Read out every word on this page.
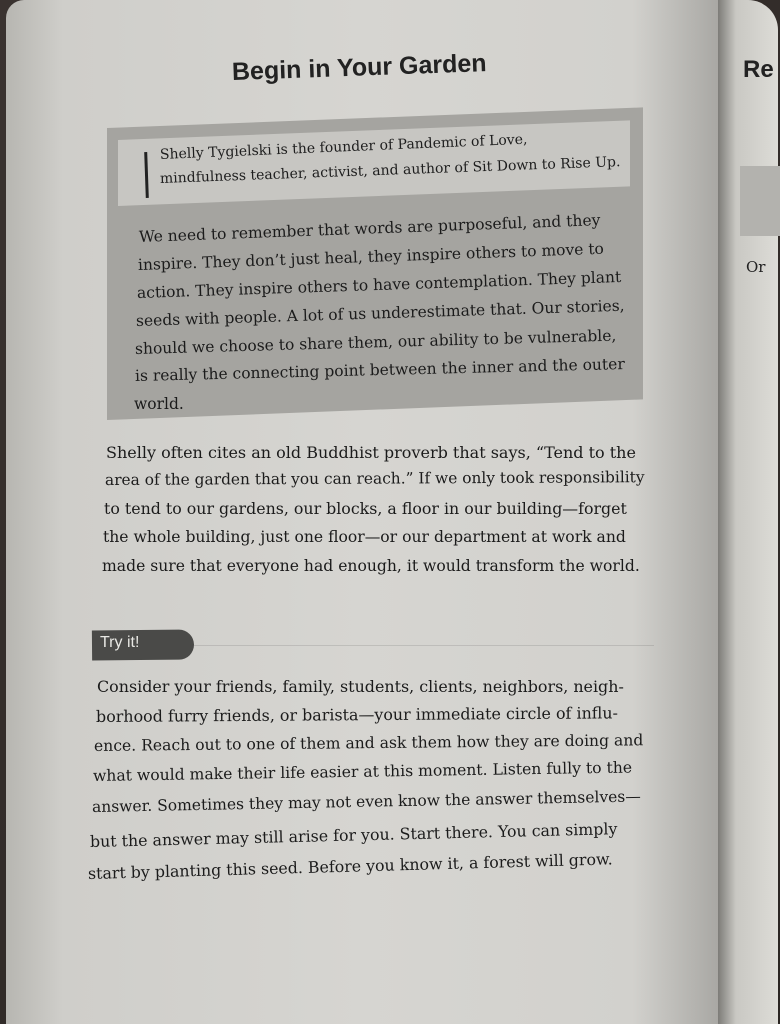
Rе
Or
Begin in Your Garden
Shelly Tygielski is the founder of Pandemic of Love,
mindfulness teacher, activist, and author of Sit Down to Rise Up.
We need to remember that words are purposeful, and they
inspire. They don’t just heal, they inspire others to move to
action. They inspire others to have contemplation. They plant
seeds with people. A lot of us underestimate that. Our stories,
should we choose to share them, our ability to be vulnerable,
is really the connecting point between the inner and the outer
world.
Shelly often cites an old Buddhist proverb that says, “Tend to the
area of the garden that you can reach.” If we only took responsibility
to tend to our gardens, our blocks, a floor in our building—forget
the whole building, just one floor—or our department at work and
made sure that everyone had enough, it would transform the world.
Try it!
Consider your friends, family, students, clients, neighbors, neigh-
borhood furry friends, or barista—your immediate circle of influ-
ence. Reach out to one of them and ask them how they are doing and
what would make their life easier at this moment. Listen fully to the
answer. Sometimes they may not even know the answer themselves—
but the answer may still arise for you. Start there. You can simply
start by planting this seed. Before you know it, a forest will grow.
